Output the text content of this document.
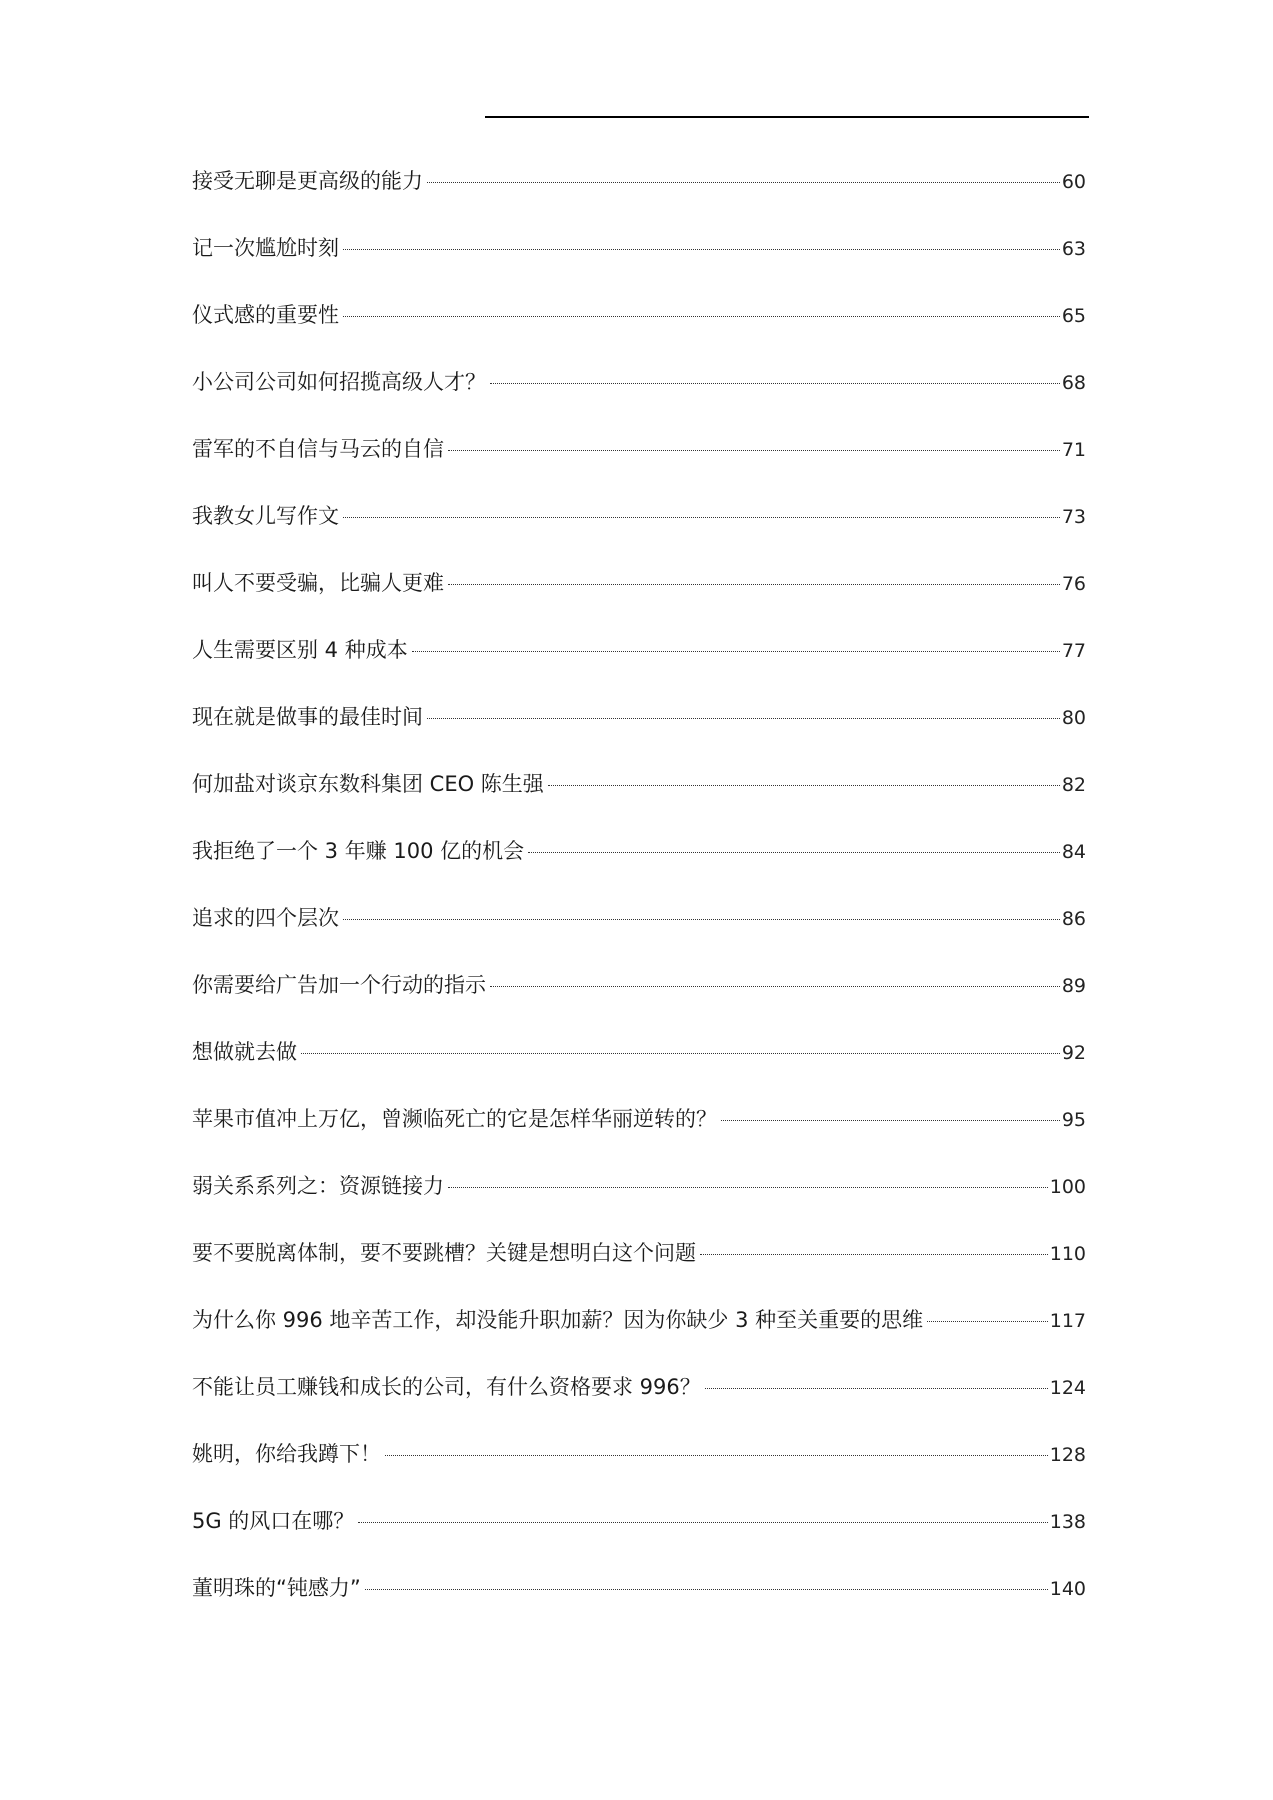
接受无聊是更高级的能力	60
记一次尴尬时刻	63
仪式感的重要性	65
小公司公司如何招揽高级人才？	68
雷军的不自信与马云的自信	71
我教女儿写作文	73
叫人不要受骗，比骗人更难	76
人生需要区别 4 种成本	77
现在就是做事的最佳时间	80
何加盐对谈京东数科集团 CEO 陈生强	82
我拒绝了一个 3 年赚 100 亿的机会	84
追求的四个层次	86
你需要给广告加一个行动的指示	89
想做就去做	92
苹果市值冲上万亿，曾濒临死亡的它是怎样华丽逆转的？	95
弱关系系列之：资源链接力	100
要不要脱离体制，要不要跳槽？关键是想明白这个问题	110
为什么你 996 地辛苦工作，却没能升职加薪？因为你缺少 3 种至关重要的思维	117
不能让员工赚钱和成长的公司，有什么资格要求 996？	124
姚明，你给我蹲下！	128
5G 的风口在哪？	138
董明珠的“钝感力”	140
